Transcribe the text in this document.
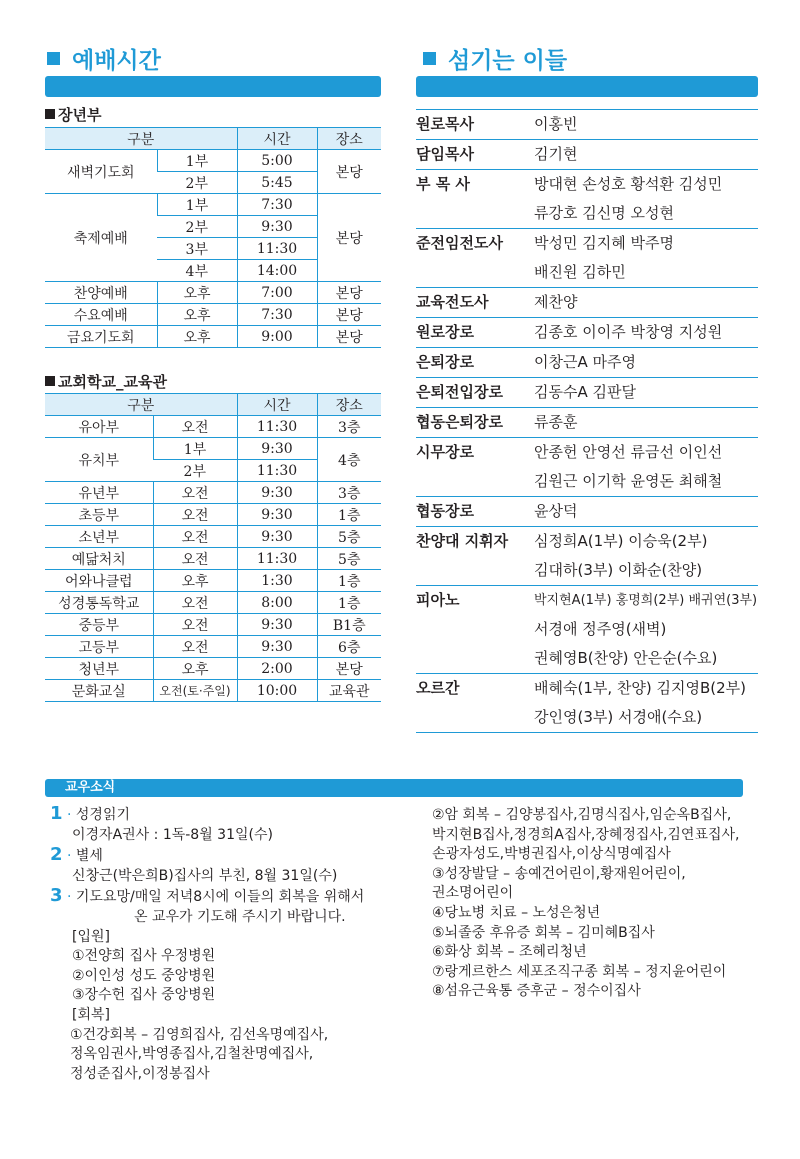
예배시간
장년부
구분		시간	장소
새벽기도회	1부	5:00	본당
	2부	5:45	
축제예배	1부	7:30	본당
	2부	9:30	
	3부	11:30	
	4부	14:00	
찬양예배	오후	7:00	본당
수요예배	오후	7:30	본당
금요기도회	오후	9:00	본당
교회학교_교육관
구분		시간	장소
유아부	오전	11:30	3층
유치부	1부	9:30	4층
	2부	11:30	
유년부	오전	9:30	3층
초등부	오전	9:30	1층
소년부	오전	9:30	5층
예닮처치	오전	11:30	5층
어와나클럽	오후	1:30	1층
성경통독학교	오전	8:00	1층
중등부	오전	9:30	B1층
고등부	오전	9:30	6층
청년부	오후	2:00	본당
문화교실	오전(토·주일)	10:00	교육관
섬기는 이들
원로목사	이홍빈

담임목사	김기현

부 목 사	방대현 손성호 황석환 김성민
류강호 김신명 오성현

준전임전도사	박성민 김지혜 박주명
배진원 김하민

교육전도사	제찬양

원로장로	김종호 이이주 박창영 지성원

은퇴장로	이창근A 마주영

은퇴전입장로	김동수A 김판달

협동은퇴장로	류종훈

시무장로	안종헌 안영선 류금선 이인선
김원근 이기학 윤영돈 최해철

협동장로	윤상덕

찬양대 지휘자	심정희A(1부) 이승욱(2부)
김대하(3부) 이화순(찬양)

피아노	박지현A(1부) 홍명희(2부) 배귀연(3부)
서경애 정주영(새벽)
권혜영B(찬양) 안은순(수요)

오르간	배혜숙(1부, 찬양) 김지영B(2부)
강인영(3부) 서경애(수요)
교우소식
1 · 성경읽기
이경자A권사 : 1독-8월 31일(수)
2 · 별세
신창근(박은희B)집사의 부친, 8월 31일(수)
3 · 기도요망/매일 저녁8시에 이들의 회복을 위해서
온 교우가 기도해 주시기 바랍니다.
[입원]
①전양희 집사 우정병원
②이인성 성도 중앙병원
③장수헌 집사 중앙병원
[회복]
①건강회복 – 김영희집사, 김선옥명예집사,
정옥임권사,박영종집사,김철찬명예집사,
정성준집사,이정봉집사
②암 회복 – 김양봉집사,김명식집사,임순옥B집사,
박지현B집사,정경희A집사,장혜정집사,김연표집사,
손광자성도,박병권집사,이상식명예집사
③성장발달 – 송예건어린이,황재원어린이,
권소명어린이
④당뇨병 치료 – 노성은청년
⑤뇌졸중 후유증 회복 – 김미혜B집사
⑥화상 회복 – 조혜리청년
⑦랑게르한스 세포조직구종 회복 – 정지윤어린이
⑧섬유근육통 증후군 – 정수이집사
